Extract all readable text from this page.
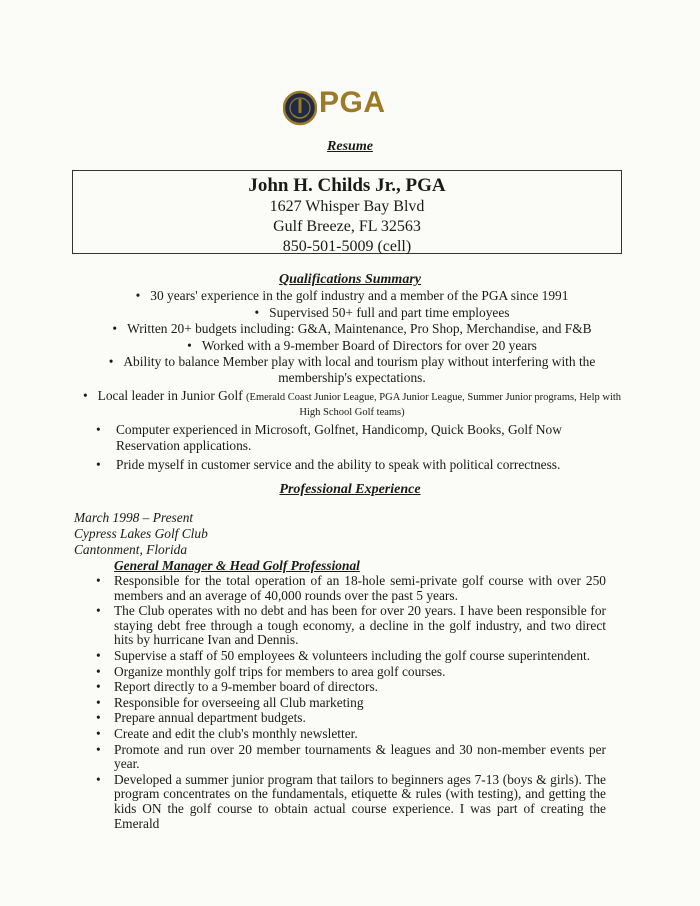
PGA
Resume
John H. Childs Jr., PGA
1627 Whisper Bay Blvd
Gulf Breeze, FL 32563
850-501-5009 (cell)
Qualifications Summary
• 30 years' experience in the golf industry and a member of the PGA since 1991
• Supervised 50+ full and part time employees
• Written 20+ budgets including: G&A, Maintenance, Pro Shop, Merchandise, and F&B
• Worked with a 9-member Board of Directors for over 20 years
• Ability to balance Member play with local and tourism play without interfering with the membership's expectations.
• Local leader in Junior Golf (Emerald Coast Junior League, PGA Junior League, Summer Junior programs, Help with High School Golf teams)
• Computer experienced in Microsoft, Golfnet, Handicomp, Quick Books, Golf Now Reservation applications.
• Pride myself in customer service and the ability to speak with political correctness.
Professional Experience
March 1998 – Present
Cypress Lakes Golf Club
Cantonment, Florida
General Manager & Head Golf Professional
• Responsible for the total operation of an 18-hole semi-private golf course with over 250 members and an average of 40,000 rounds over the past 5 years.
• The Club operates with no debt and has been for over 20 years. I have been responsible for staying debt free through a tough economy, a decline in the golf industry, and two direct hits by hurricane Ivan and Dennis.
• Supervise a staff of 50 employees & volunteers including the golf course superintendent.
• Organize monthly golf trips for members to area golf courses.
• Report directly to a 9-member board of directors.
• Responsible for overseeing all Club marketing
• Prepare annual department budgets.
• Create and edit the club's monthly newsletter.
• Promote and run over 20 member tournaments & leagues and 30 non-member events per year.
• Developed a summer junior program that tailors to beginners ages 7-13 (boys & girls). The program concentrates on the fundamentals, etiquette & rules (with testing), and getting the kids ON the golf course to obtain actual course experience. I was part of creating the Emerald
